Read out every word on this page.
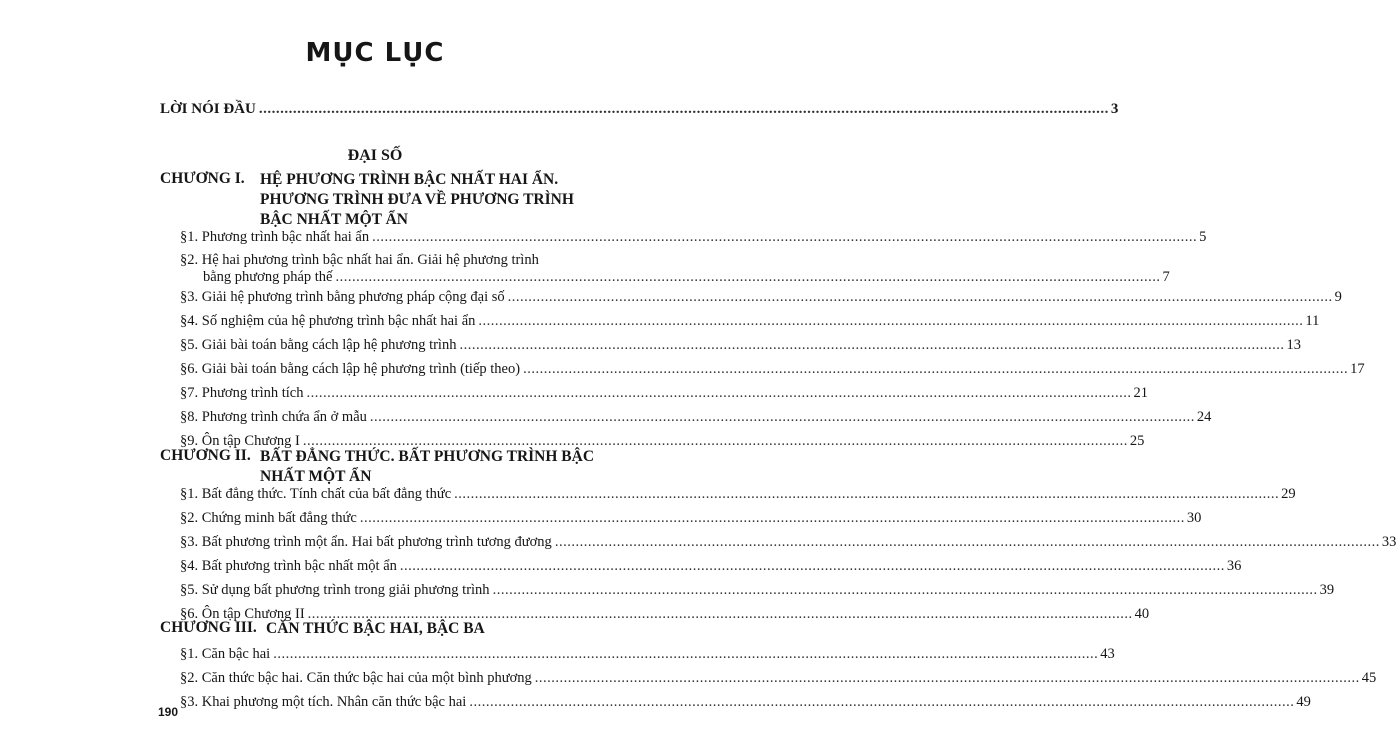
MỤC LỤC
LỜI NÓI ĐẦU ........................................................................................................................................................................................................ 3
ĐẠI SỐ
CHƯƠNG I. HỆ PHƯƠNG TRÌNH BẬC NHẤT HAI ẨN. PHƯƠNG TRÌNH ĐƯA VỀ PHƯƠNG TRÌNH BẬC NHẤT MỘT ẨN
§1. Phương trình bậc nhất hai ẩn ........................................................................................................................................................................................................ 5
§2. Hệ hai phương trình bậc nhất hai ẩn. Giải hệ phương trình
bằng phương pháp thế ........................................................................................................................................................................................................ 7
§3. Giải hệ phương trình bằng phương pháp cộng đại số ........................................................................................................................................................................................................ 9
§4. Số nghiệm của hệ phương trình bậc nhất hai ẩn ........................................................................................................................................................................................................ 11
§5. Giải bài toán bằng cách lập hệ phương trình ........................................................................................................................................................................................................ 13
§6. Giải bài toán bằng cách lập hệ phương trình (tiếp theo) ........................................................................................................................................................................................................ 17
§7. Phương trình tích ........................................................................................................................................................................................................ 21
§8. Phương trình chứa ẩn ở mẫu ........................................................................................................................................................................................................ 24
§9. Ôn tập Chương I ........................................................................................................................................................................................................ 25
CHƯƠNG II. BẤT ĐẲNG THỨC. BẤT PHƯƠNG TRÌNH BẬC NHẤT MỘT ẨN
§1. Bất đẳng thức. Tính chất của bất đẳng thức ........................................................................................................................................................................................................ 29
§2. Chứng minh bất đẳng thức ........................................................................................................................................................................................................ 30
§3. Bất phương trình một ẩn. Hai bất phương trình tương đương ........................................................................................................................................................................................................ 33
§4. Bất phương trình bậc nhất một ẩn ........................................................................................................................................................................................................ 36
§5. Sử dụng bất phương trình trong giải phương trình ........................................................................................................................................................................................................ 39
§6. Ôn tập Chương II ........................................................................................................................................................................................................ 40
CHƯƠNG III. CĂN THỨC BẬC HAI, BẬC BA
§1. Căn bậc hai ........................................................................................................................................................................................................ 43
§2. Căn thức bậc hai. Căn thức bậc hai của một bình phương ........................................................................................................................................................................................................ 45
§3. Khai phương một tích. Nhân căn thức bậc hai ........................................................................................................................................................................................................ 49
190
